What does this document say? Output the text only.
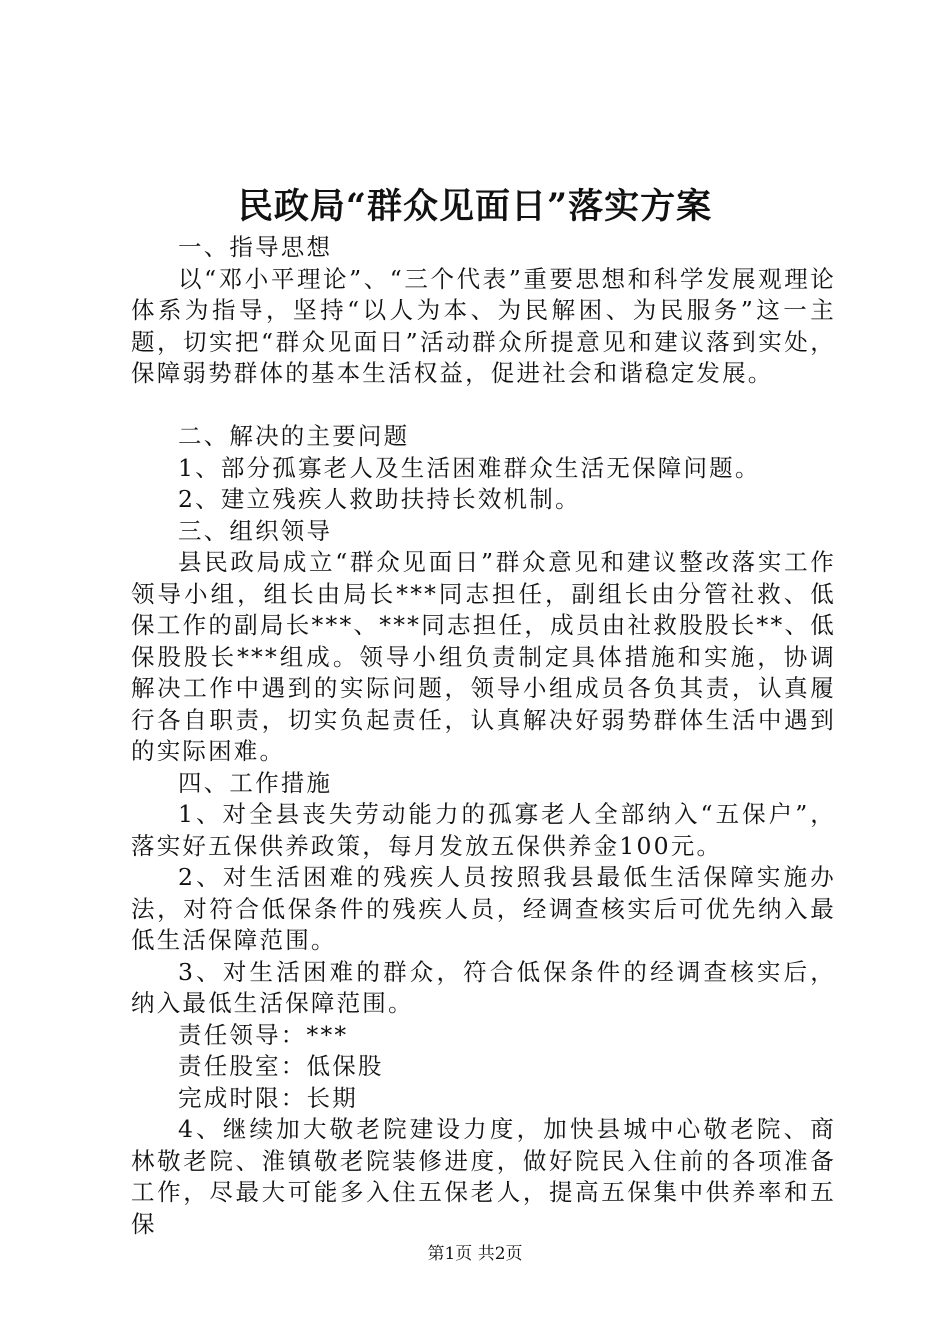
民政局“群众见面日”落实方案

一、指导思想

以“邓小平理论”、“三个代表”重要思想和科学发展观理论体系为指导，坚持“以人为本、为民解困、为民服务”这一主题，切实把“群众见面日”活动群众所提意见和建议落到实处，保障弱势群体的基本生活权益，促进社会和谐稳定发展。

二、解决的主要问题

1、部分孤寡老人及生活困难群众生活无保障问题。

2、建立残疾人救助扶持长效机制。

三、组织领导

县民政局成立“群众见面日”群众意见和建议整改落实工作领导小组，组长由局长***同志担任，副组长由分管社救、低保工作的副局长***、***同志担任，成员由社救股股长**、低保股股长***组成。领导小组负责制定具体措施和实施，协调解决工作中遇到的实际问题，领导小组成员各负其责，认真履行各自职责，切实负起责任，认真解决好弱势群体生活中遇到的实际困难。

四、工作措施

1、对全县丧失劳动能力的孤寡老人全部纳入“五保户”，落实好五保供养政策，每月发放五保供养金100元。

2、对生活困难的残疾人员按照我县最低生活保障实施办法，对符合低保条件的残疾人员，经调查核实后可优先纳入最低生活保障范围。

3、对生活困难的群众，符合低保条件的经调查核实后，纳入最低生活保障范围。

责任领导：***

责任股室：低保股

完成时限：长期

4、继续加大敬老院建设力度，加快县城中心敬老院、商林敬老院、淮镇敬老院装修进度，做好院民入住前的各项准备工作，尽最大可能多入住五保老人，提高五保集中供养率和五保

第1页 共2页
